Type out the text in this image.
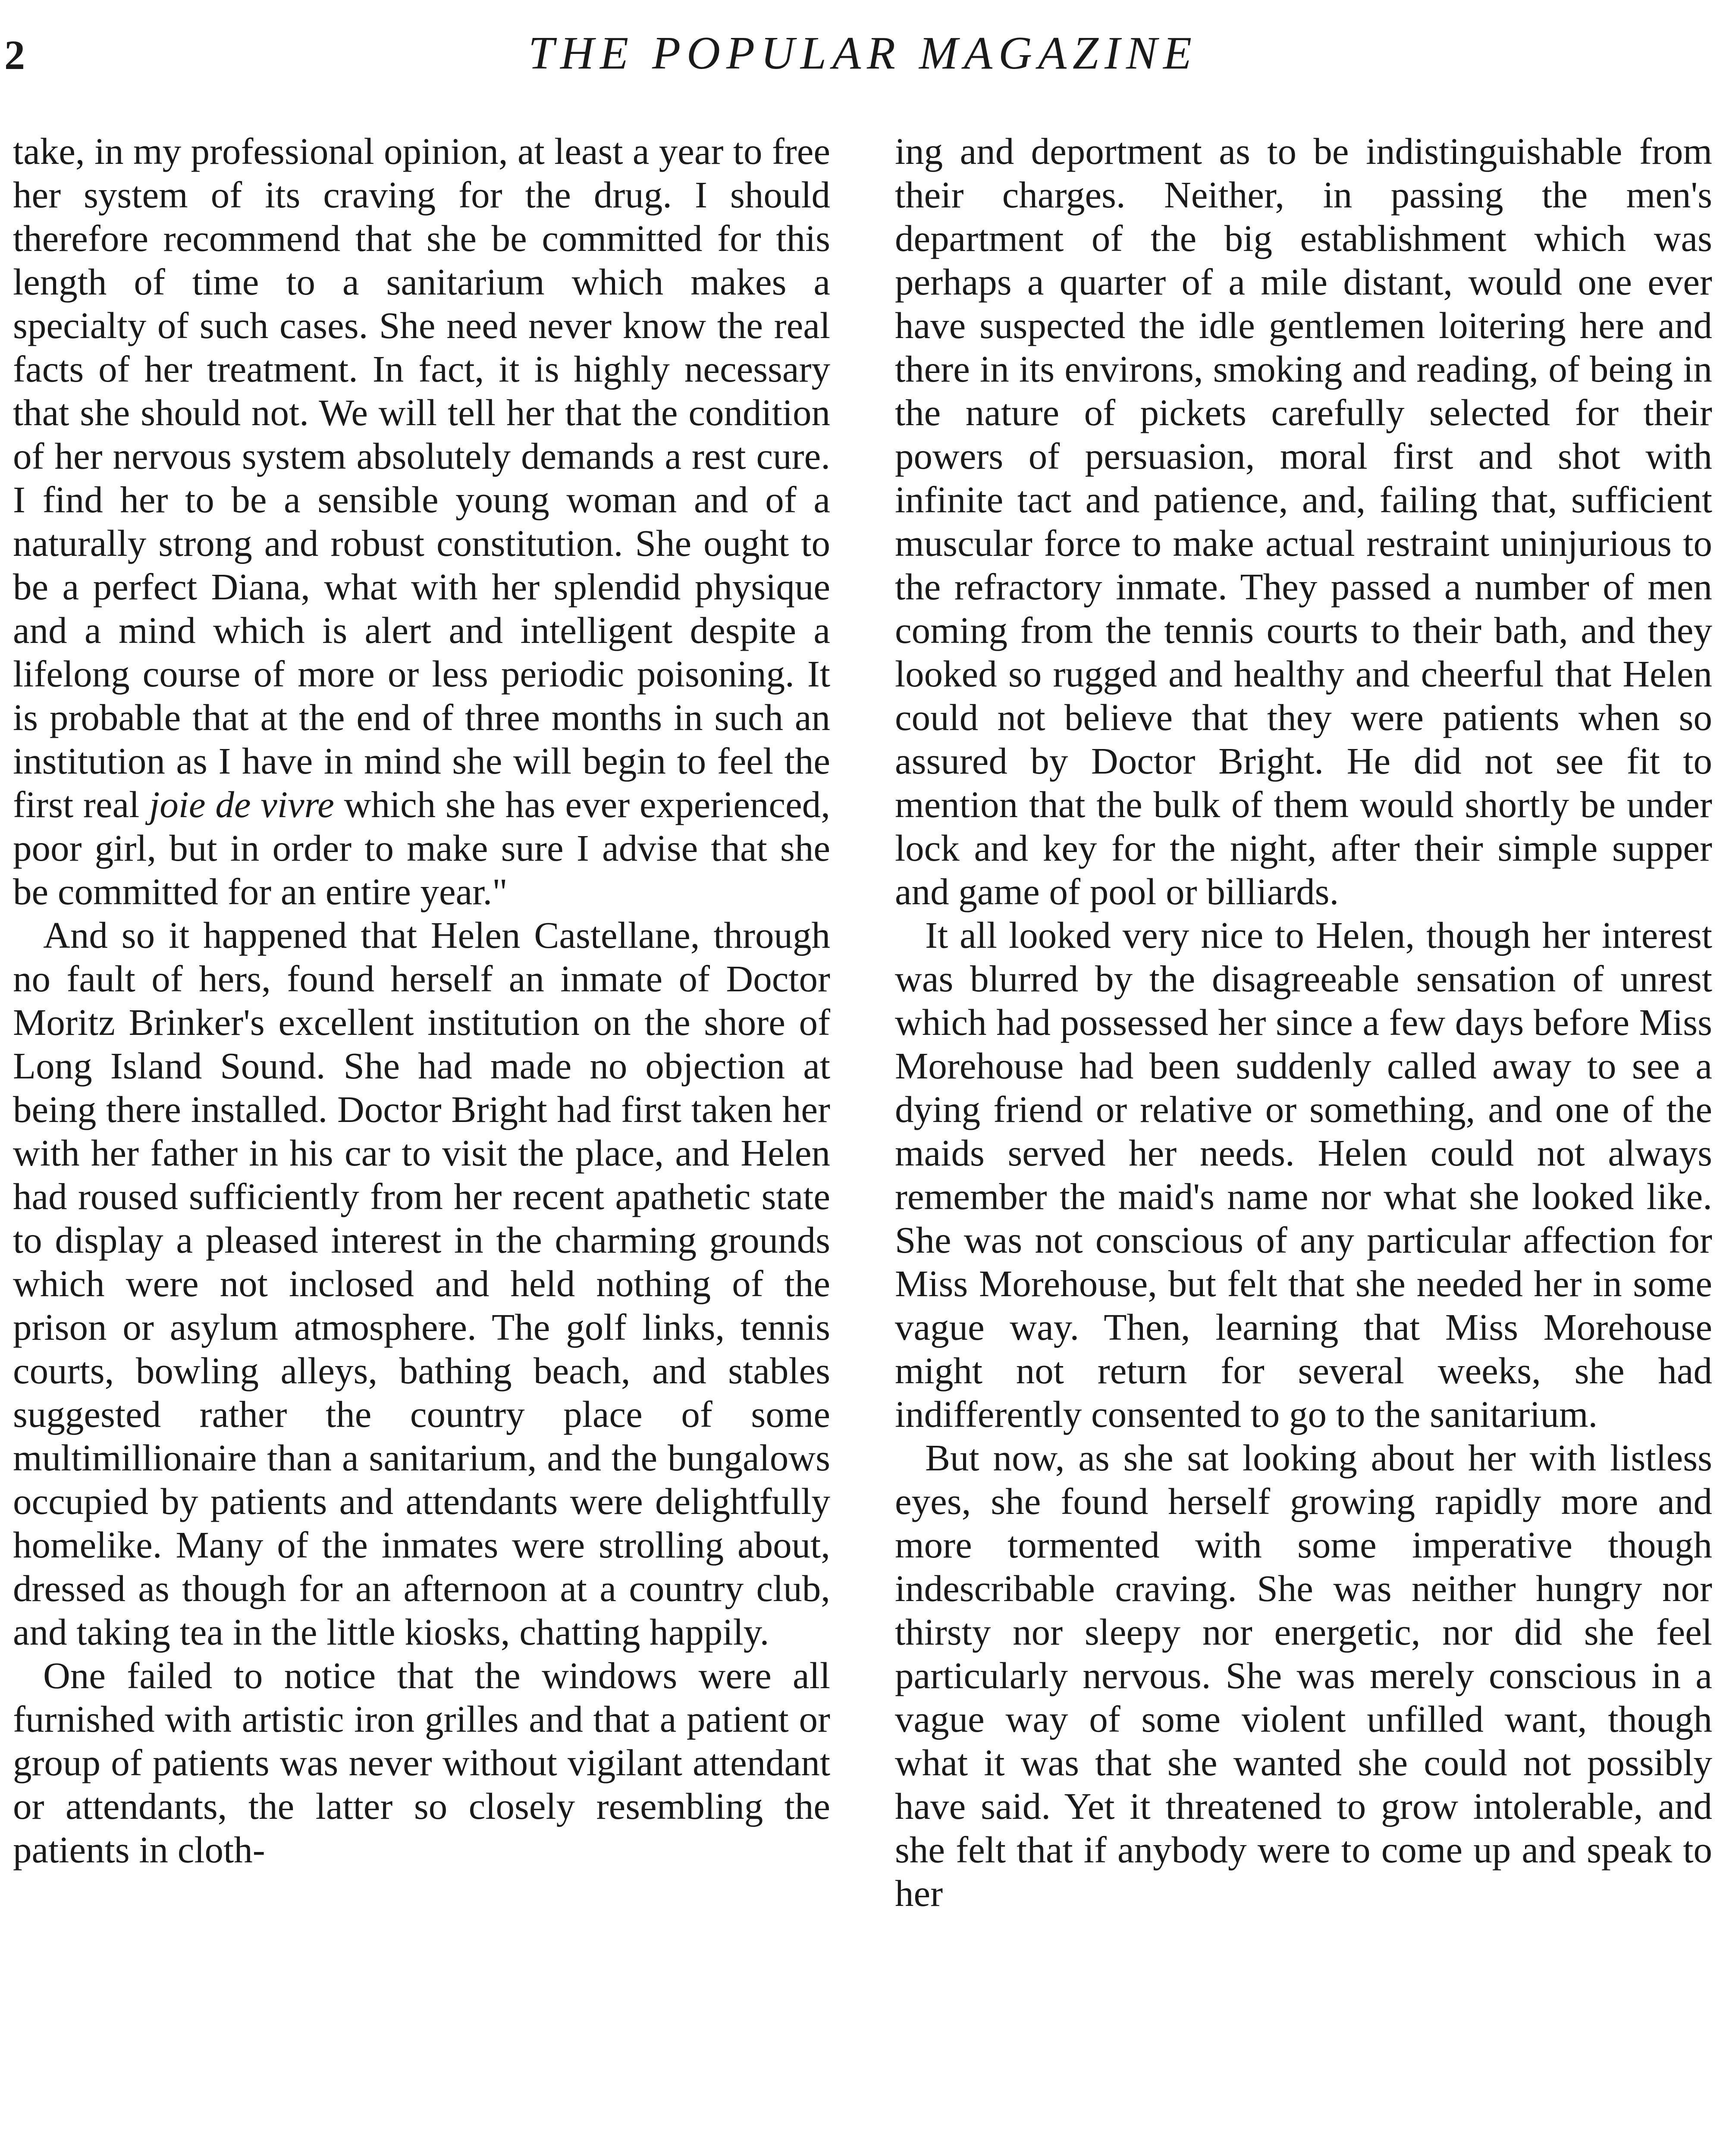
2	THE POPULAR MAGAZINE

take, in my professional opinion, at least a year to free her system of its craving for the drug. I should therefore recommend that she be committed for this length of time to a sanitarium which makes a specialty of such cases. She need never know the real facts of her treatment. In fact, it is highly necessary that she should not. We will tell her that the condition of her nervous system absolutely demands a rest cure. I find her to be a sensible young woman and of a naturally strong and robust constitution. She ought to be a perfect Diana, what with her splendid physique and a mind which is alert and intelligent despite a lifelong course of more or less periodic poisoning. It is probable that at the end of three months in such an institution as I have in mind she will begin to feel the first real joie de vivre which she has ever experienced, poor girl, but in order to make sure I advise that she be committed for an entire year."

And so it happened that Helen Castellane, through no fault of hers, found herself an inmate of Doctor Moritz Brinker's excellent institution on the shore of Long Island Sound. She had made no objection at being there installed. Doctor Bright had first taken her with her father in his car to visit the place, and Helen had roused sufficiently from her recent apathetic state to display a pleased interest in the charming grounds which were not inclosed and held nothing of the prison or asylum atmosphere. The golf links, tennis courts, bowling alleys, bathing beach, and stables suggested rather the country place of some multimillionaire than a sanitarium, and the bungalows occupied by patients and attendants were delightfully homelike. Many of the inmates were strolling about, dressed as though for an afternoon at a country club, and taking tea in the little kiosks, chatting happily.

One failed to notice that the windows were all furnished with artistic iron grilles and that a patient or group of patients was never without vigilant attendant or attendants, the latter so closely resembling the patients in cloth-

ing and deportment as to be indistinguishable from their charges. Neither, in passing the men's department of the big establishment which was perhaps a quarter of a mile distant, would one ever have suspected the idle gentlemen loitering here and there in its environs, smoking and reading, of being in the nature of pickets carefully selected for their powers of persuasion, moral first and shot with infinite tact and patience, and, failing that, sufficient muscular force to make actual restraint uninjurious to the refractory inmate. They passed a number of men coming from the tennis courts to their bath, and they looked so rugged and healthy and cheerful that Helen could not believe that they were patients when so assured by Doctor Bright. He did not see fit to mention that the bulk of them would shortly be under lock and key for the night, after their simple supper and game of pool or billiards.

It all looked very nice to Helen, though her interest was blurred by the disagreeable sensation of unrest which had possessed her since a few days before Miss Morehouse had been suddenly called away to see a dying friend or relative or something, and one of the maids served her needs. Helen could not always remember the maid's name nor what she looked like. She was not conscious of any particular affection for Miss Morehouse, but felt that she needed her in some vague way. Then, learning that Miss Morehouse might not return for several weeks, she had indifferently consented to go to the sanitarium.

But now, as she sat looking about her with listless eyes, she found herself growing rapidly more and more tormented with some imperative though indescribable craving. She was neither hungry nor thirsty nor sleepy nor energetic, nor did she feel particularly nervous. She was merely conscious in a vague way of some violent unfilled want, though what it was that she wanted she could not possibly have said. Yet it threatened to grow intolerable, and she felt that if anybody were to come up and speak to her
